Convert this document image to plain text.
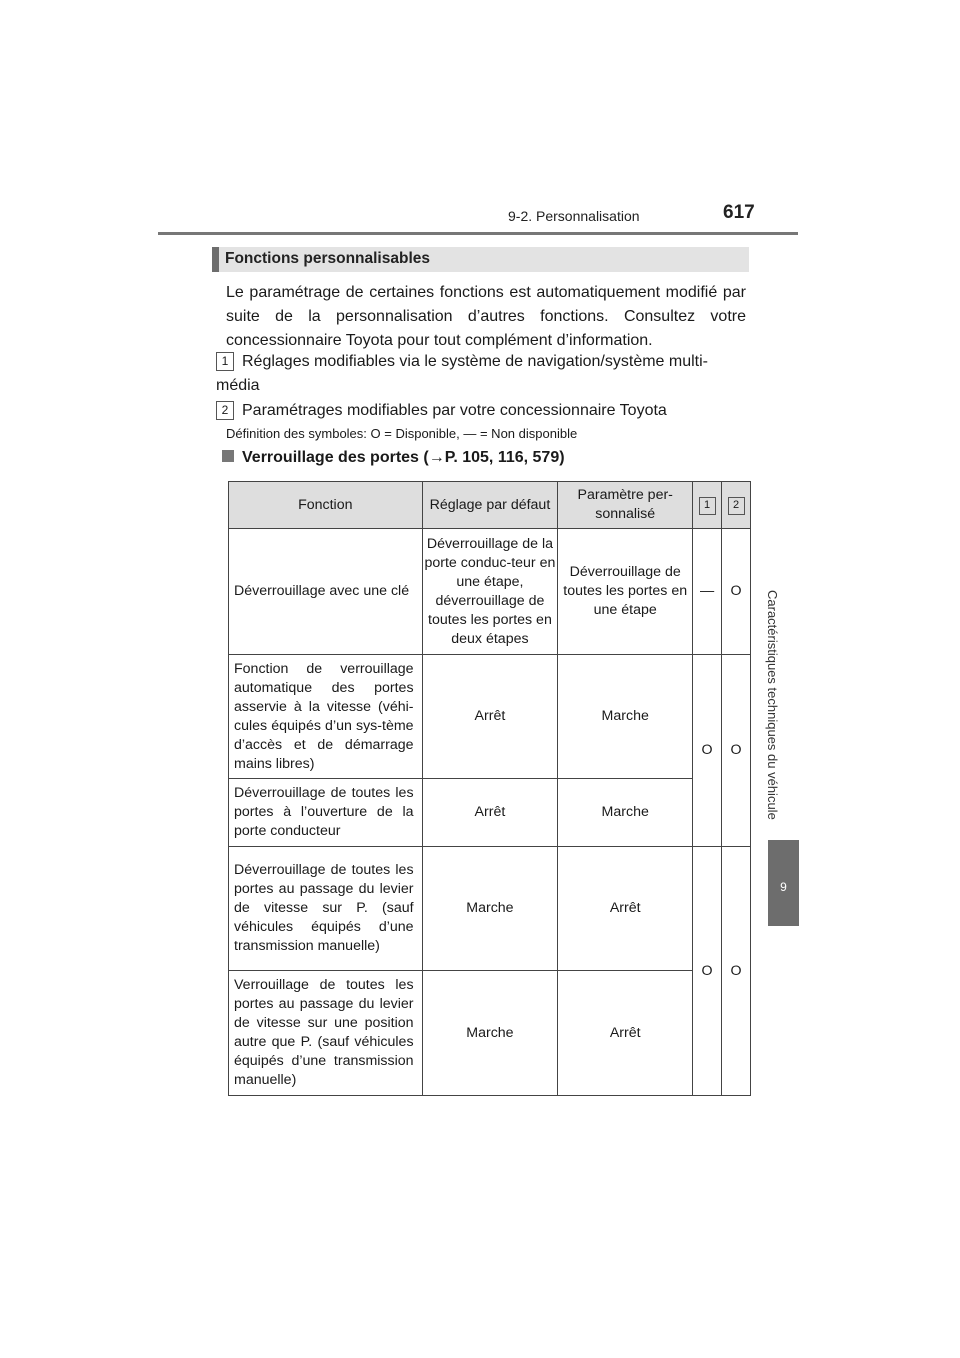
9-2. Personnalisation	617
9
Caractéristiques techniques du véhicule
Fonctions personnalisables
Le paramétrage de certaines fonctions est automatiquement modifié par suite de la personnalisation d’autres fonctions. Consultez votre concessionnaire Toyota pour tout complément d’information.
1 Réglages modifiables via le système de navigation/système multi-média
2 Paramétrages modifiables par votre concessionnaire Toyota
Définition des symboles: O = Disponible, — = Non disponible
Verrouillage des portes (→P. 105, 116, 579)
Fonction	Réglage par défaut	Paramètre per-sonnalisé	1	2
Déverrouillage avec une clé	Déverrouillage de la porte conduc-teur en une étape, déverrouillage de toutes les portes en deux étapes	Déverrouillage de toutes les portes en une étape	—	O
Fonction de verrouillage automatique des portes asservie à la vitesse (véhi-cules équipés d’un sys-tème d’accès et de démarrage mains libres)	Arrêt	Marche	O	O
Déverrouillage de toutes les portes à l’ouverture de la porte conducteur	Arrêt	Marche		
Déverrouillage de toutes les portes au passage du levier de vitesse sur P. (sauf véhicules équipés d’une transmission manuelle)	Marche	Arrêt	O	O
Verrouillage de toutes les portes au passage du levier de vitesse sur une position autre que P. (sauf véhicules équipés d’une transmission manuelle)	Marche	Arrêt		
